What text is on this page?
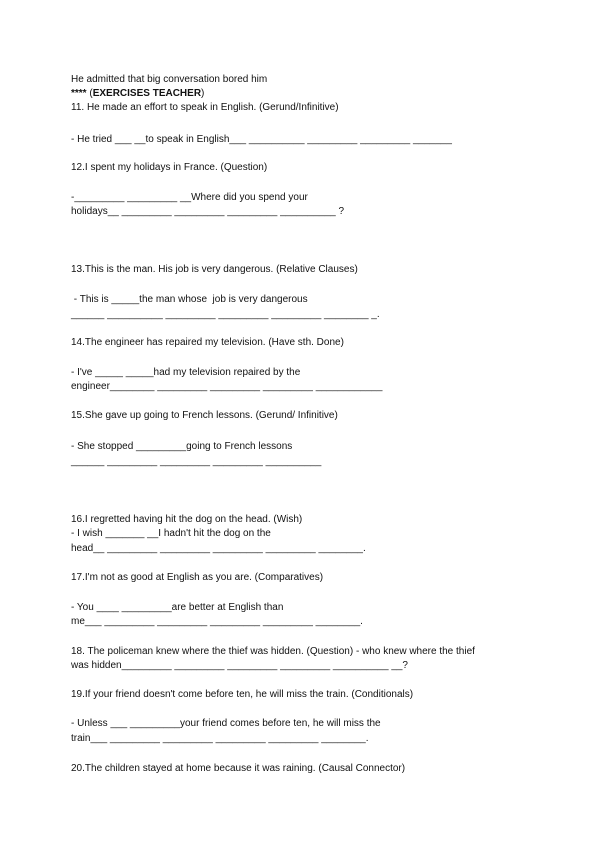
He admitted that big conversation bored him
**** (EXERCISES TEACHER)
11. He made an effort to speak in English. (Gerund/Infinitive)
- He tried ___ __to speak in English___ __________ _________ _________ _______
12.I spent my holidays in France. (Question)
-_________ _________ __Where did you spend your
holidays__ _________ _________ _________ __________ ?
13.This is the man. His job is very dangerous. (Relative Clauses)
- This is _____the man whose  job is very dangerous
______ __________ _________ _________ _________ ________ _.
14.The engineer has repaired my television. (Have sth. Done)
- I've _____ _____had my television repaired by the
engineer________ _________ _________ _________ ____________
15.She gave up going to French lessons. (Gerund/ Infinitive)
- She stopped _________going to French lessons
______ _________ _________ _________ __________
16.I regretted having hit the dog on the head. (Wish)
- I wish _______ __I hadn't hit the dog on the
head__ _________ _________ _________ _________ ________.
17.I'm not as good at English as you are. (Comparatives)
- You ____ _________are better at English than
me___ _________ _________ _________ _________ ________.
18. The policeman knew where the thief was hidden. (Question) - who knew where the thief
was hidden_________ _________ _________ _________ __________ __?
19.If your friend doesn't come before ten, he will miss the train. (Conditionals)
- Unless ___ _________your friend comes before ten, he will miss the
train___ _________ _________ _________ _________ ________.
20.The children stayed at home because it was raining. (Causal Connector)
